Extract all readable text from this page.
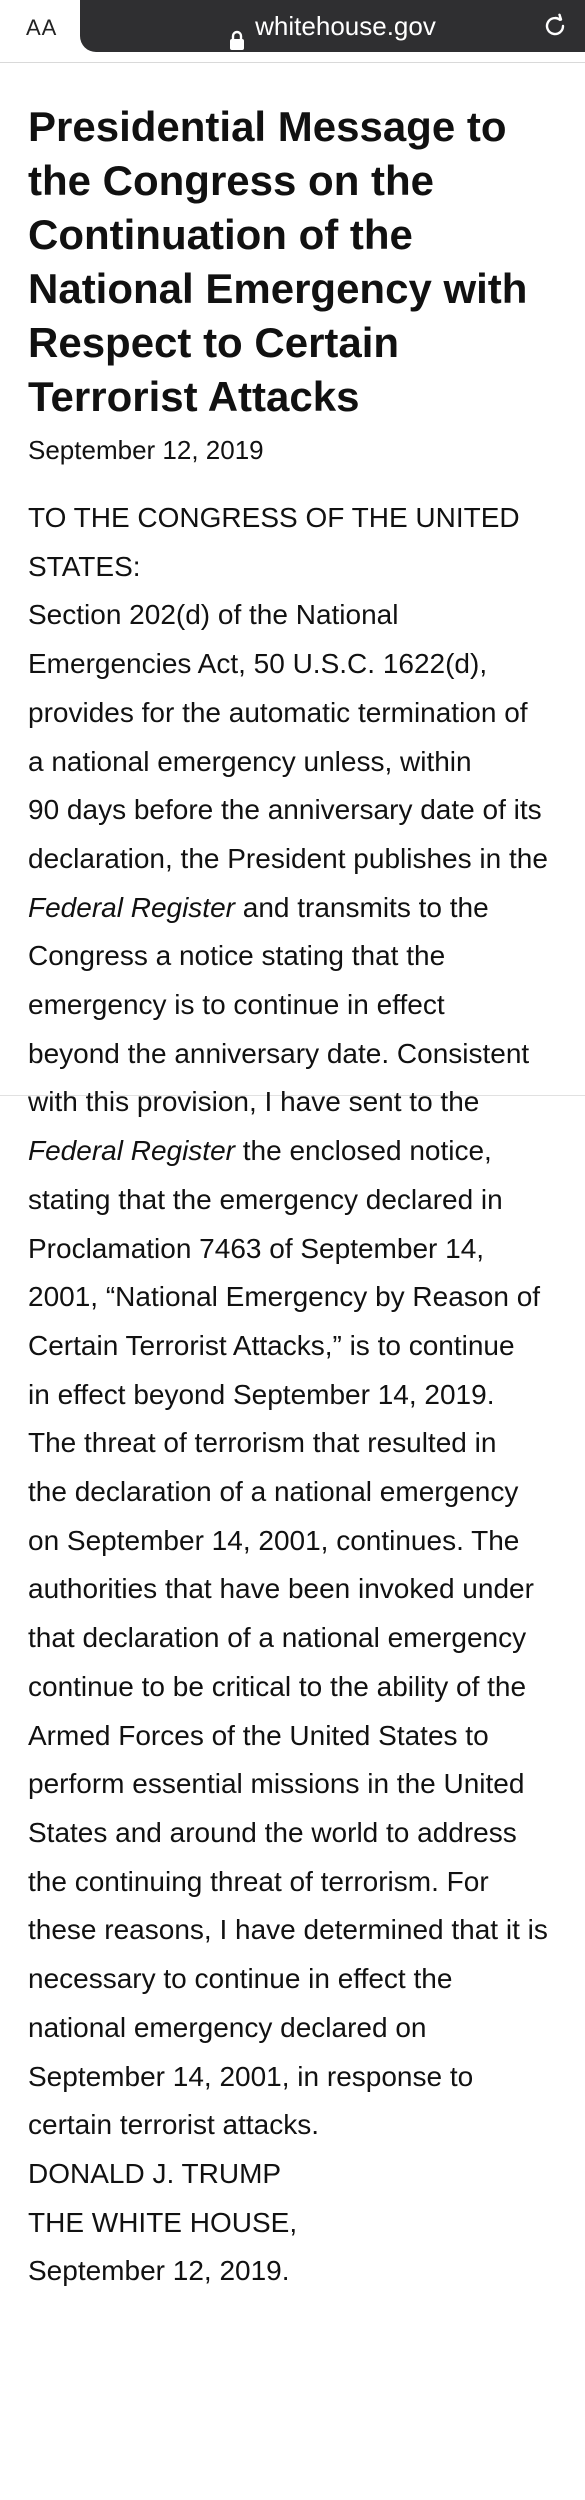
AA	whitehouse.gov
Presidential Message to
the Congress on the
Continuation of the
National Emergency with
Respect to Certain
Terrorist Attacks
September 12, 2019
TO THE CONGRESS OF THE UNITED
STATES:
Section 202(d) of the National
Emergencies Act, 50 U.S.C. 1622(d),
provides for the automatic termination of
a national emergency unless, within
90 days before the anniversary date of its
declaration, the President publishes in the
Federal Register and transmits to the
Congress a notice stating that the
emergency is to continue in effect
beyond the anniversary date. Consistent
with this provision, I have sent to the
Federal Register the enclosed notice,
stating that the emergency declared in
Proclamation 7463 of September 14,
2001, “National Emergency by Reason of
Certain Terrorist Attacks,” is to continue
in effect beyond September 14, 2019.
The threat of terrorism that resulted in
the declaration of a national emergency
on September 14, 2001, continues. The
authorities that have been invoked under
that declaration of a national emergency
continue to be critical to the ability of the
Armed Forces of the United States to
perform essential missions in the United
States and around the world to address
the continuing threat of terrorism. For
these reasons, I have determined that it is
necessary to continue in effect the
national emergency declared on
September 14, 2001, in response to
certain terrorist attacks.
DONALD J. TRUMP
THE WHITE HOUSE,
September 12, 2019.
